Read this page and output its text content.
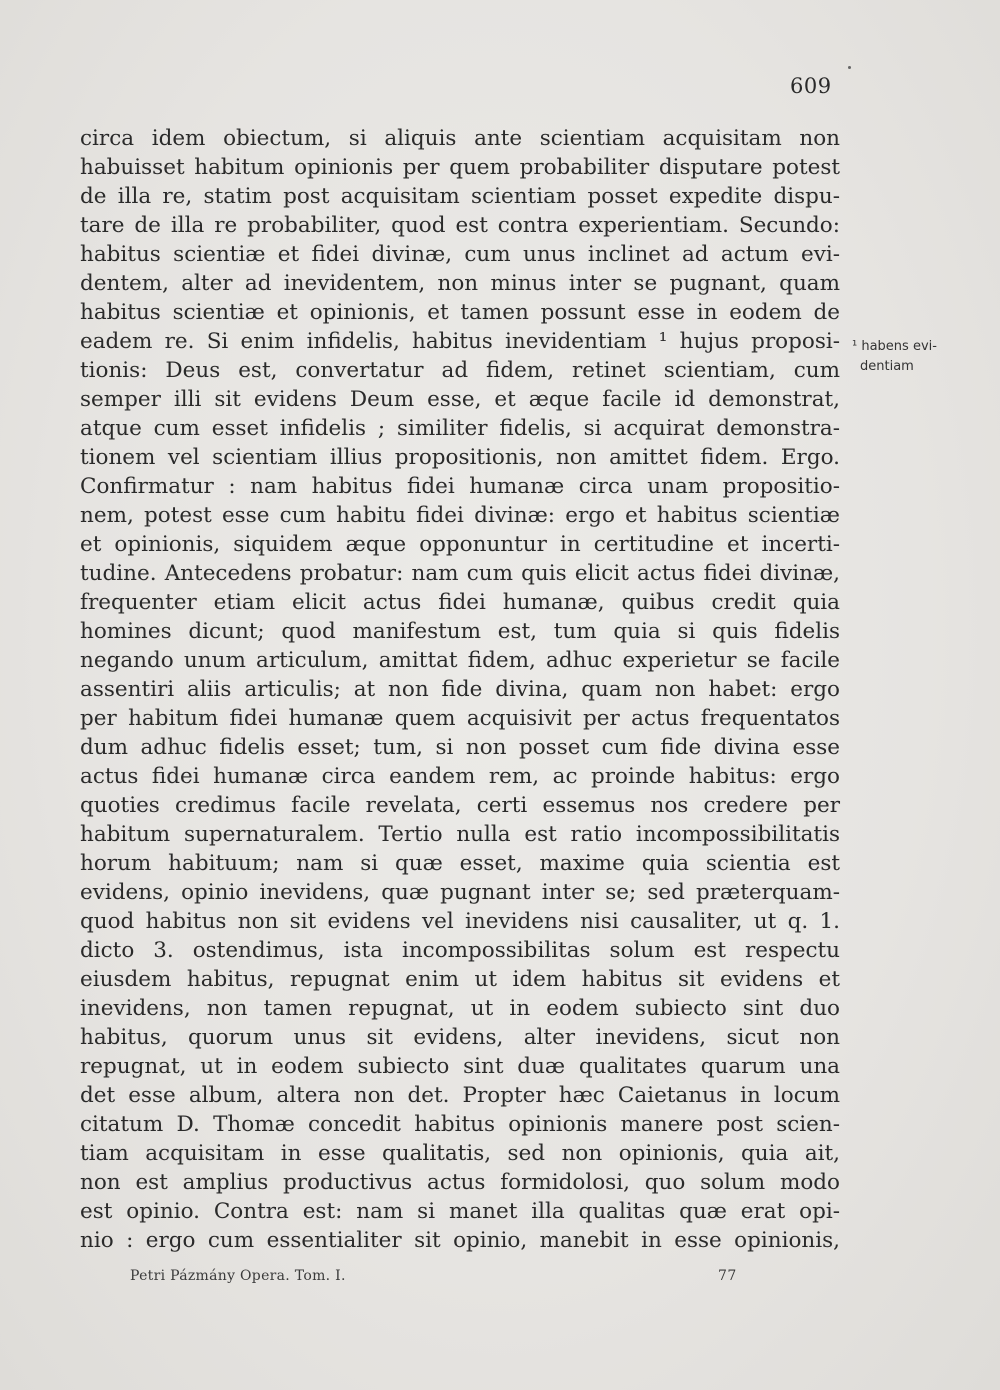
609
circa idem obiectum, si aliquis ante scientiam acquisitam non
habuisset habitum opinionis per quem probabiliter disputare potest
de illa re, statim post acquisitam scientiam posset expedite dispu-
tare de illa re probabiliter, quod est contra experientiam. Secundo:
habitus scientiæ et fidei divinæ, cum unus inclinet ad actum evi-
dentem, alter ad inevidentem, non minus inter se pugnant, quam
habitus scientiæ et opinionis, et tamen possunt esse in eodem de
eadem re. Si enim infidelis, habitus inevidentiam ¹ hujus proposi-
tionis: Deus est, convertatur ad fidem, retinet scientiam, cum
semper illi sit evidens Deum esse, et æque facile id demonstrat,
atque cum esset infidelis ; similiter fidelis, si acquirat demonstra-
tionem vel scientiam illius propositionis, non amittet fidem. Ergo.
Confirmatur : nam habitus fidei humanæ circa unam propositio-
nem, potest esse cum habitu fidei divinæ: ergo et habitus scientiæ
et opinionis, siquidem æque opponuntur in certitudine et incerti-
tudine. Antecedens probatur: nam cum quis elicit actus fidei divinæ,
frequenter etiam elicit actus fidei humanæ, quibus credit quia
homines dicunt; quod manifestum est, tum quia si quis fidelis
negando unum articulum, amittat fidem, adhuc experietur se facile
assentiri aliis articulis; at non fide divina, quam non habet: ergo
per habitum fidei humanæ quem acquisivit per actus frequentatos
dum adhuc fidelis esset; tum, si non posset cum fide divina esse
actus fidei humanæ circa eandem rem, ac proinde habitus: ergo
quoties credimus facile revelata, certi essemus nos credere per
habitum supernaturalem. Tertio nulla est ratio incompossibilitatis
horum habituum; nam si quæ esset, maxime quia scientia est
evidens, opinio inevidens, quæ pugnant inter se; sed præterquam-
quod habitus non sit evidens vel inevidens nisi causaliter, ut q. 1.
dicto 3. ostendimus, ista incompossibilitas solum est respectu
eiusdem habitus, repugnat enim ut idem habitus sit evidens et
inevidens, non tamen repugnat, ut in eodem subiecto sint duo
habitus, quorum unus sit evidens, alter inevidens, sicut non
repugnat, ut in eodem subiecto sint duæ qualitates quarum una
det esse album, altera non det. Propter hæc Caietanus in locum
citatum D. Thomæ concedit habitus opinionis manere post scien-
tiam acquisitam in esse qualitatis, sed non opinionis, quia ait,
non est amplius productivus actus formidolosi, quo solum modo
est opinio. Contra est: nam si manet illa qualitas quæ erat opi-
nio : ergo cum essentialiter sit opinio, manebit in esse opinionis,
¹ habens evi-
dentiam
Petri Pázmány Opera. Tom. I.	77
